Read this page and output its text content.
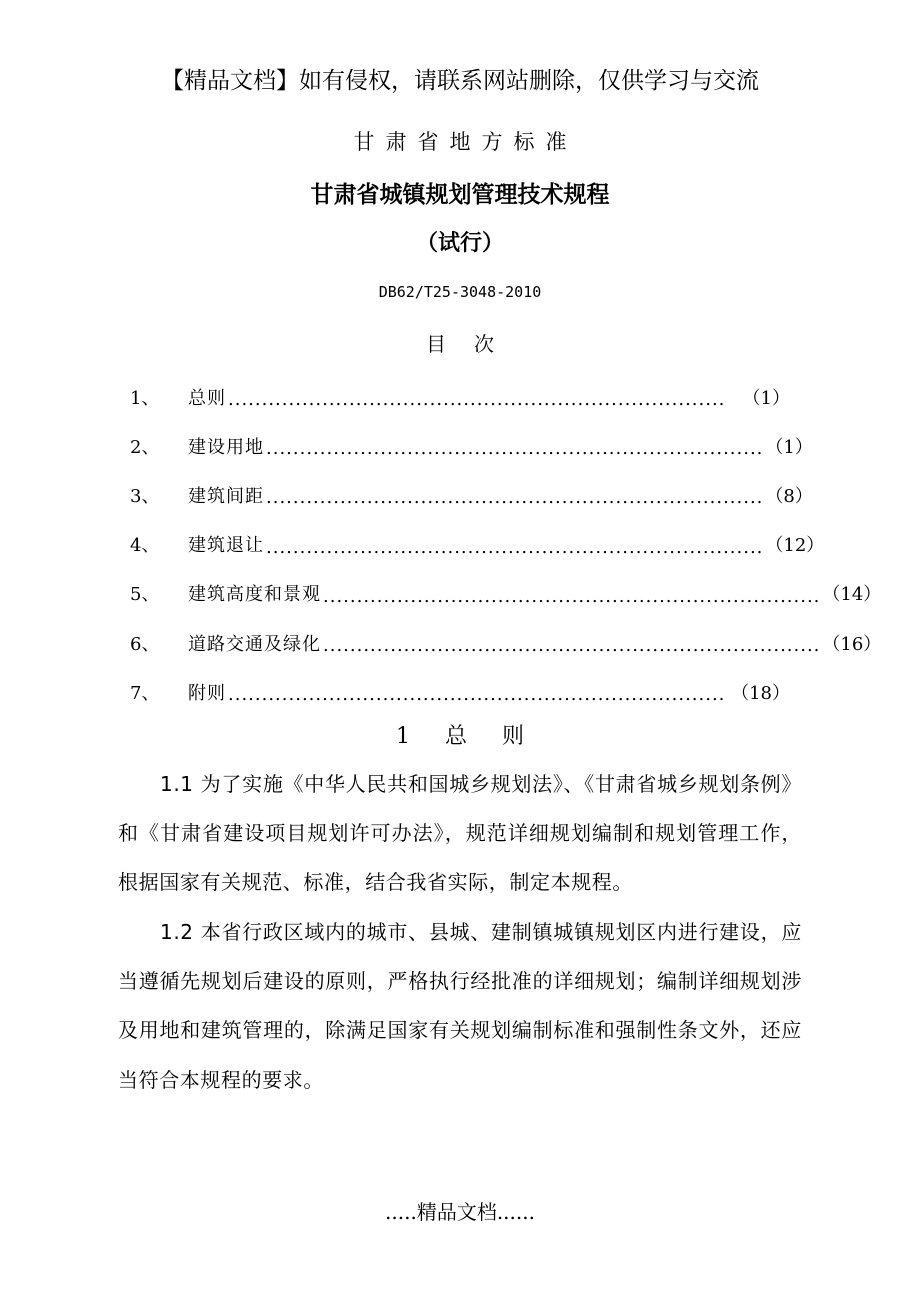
【精品文档】如有侵权，请联系网站删除，仅供学习与交流
甘肃省地方标准
甘肃省城镇规划管理技术规程
（试行）
DB62/T25-3048-2010
目次
1、	总则 .......................................................................... （1）
2、	建设用地 .......................................................................... （1）
3、	建筑间距 .......................................................................... （8）
4、	建筑退让 .......................................................................... （12）
5、	建筑高度和景观 .......................................................................... （14）
6、	道路交通及绿化 .......................................................................... （16）
7、	附则 .......................................................................... （18）
1 总 则

1.1 为了实施《中华人民共和国城乡规划法》、《甘肃省城乡规划条例》和《甘肃省建设项目规划许可办法》，规范详细规划编制和规划管理工作，根据国家有关规范、标准，结合我省实际，制定本规程。

1.2 本省行政区域内的城市、县城、建制镇城镇规划区内进行建设，应当遵循先规划后建设的原则，严格执行经批准的详细规划；编制详细规划涉及用地和建筑管理的，除满足国家有关规划编制标准和强制性条文外，还应当符合本规程的要求。

.....精品文档......
